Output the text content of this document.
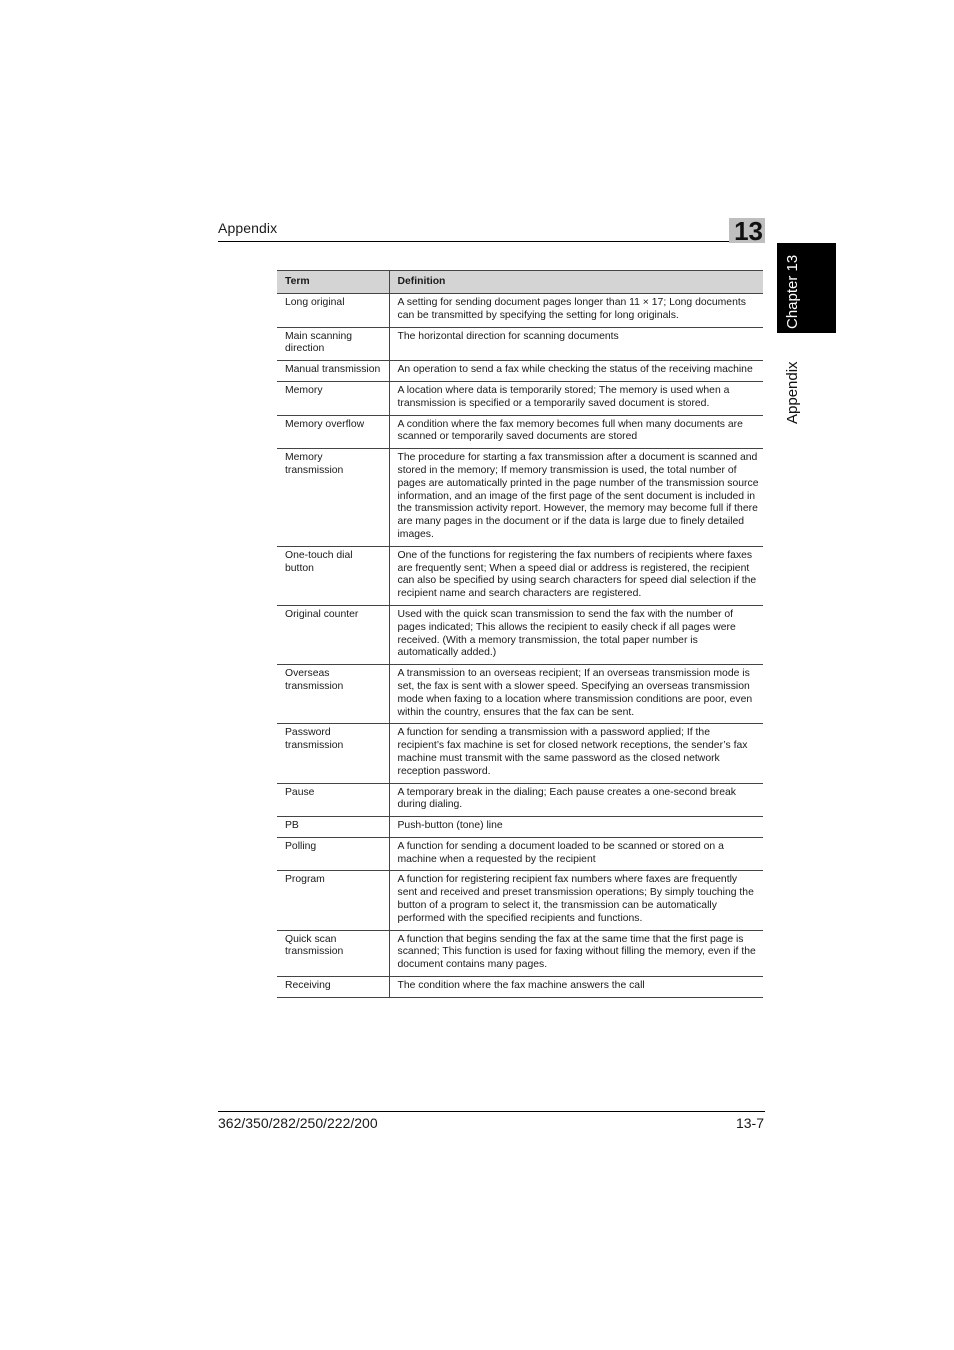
Appendix	13
Chapter 13
Appendix
Term	Definition
Long original	A setting for sending document pages longer than 11 × 17; Long documents can be transmitted by specifying the setting for long originals.
Main scanning direction	The horizontal direction for scanning documents
Manual transmission	An operation to send a fax while checking the status of the receiving machine
Memory	A location where data is temporarily stored; The memory is used when a transmission is specified or a temporarily saved document is stored.
Memory overflow	A condition where the fax memory becomes full when many documents are scanned or temporarily saved documents are stored
Memory transmission	The procedure for starting a fax transmission after a document is scanned and stored in the memory; If memory transmission is used, the total number of pages are automatically printed in the page number of the transmission source information, and an image of the first page of the sent document is included in the transmission activity report. However, the memory may become full if there are many pages in the document or if the data is large due to finely detailed images.
One-touch dial button	One of the functions for registering the fax numbers of recipients where faxes are frequently sent; When a speed dial or address is registered, the recipient can also be specified by using search characters for speed dial selection if the recipient name and search characters are registered.
Original counter	Used with the quick scan transmission to send the fax with the number of pages indicated; This allows the recipient to easily check if all pages were received. (With a memory transmission, the total paper number is automatically added.)
Overseas transmission	A transmission to an overseas recipient; If an overseas transmission mode is set, the fax is sent with a slower speed. Specifying an overseas transmission mode when faxing to a location where transmission conditions are poor, even within the country, ensures that the fax can be sent.
Password transmission	A function for sending a transmission with a password applied; If the recipient’s fax machine is set for closed network receptions, the sender’s fax machine must transmit with the same password as the closed network reception password.
Pause	A temporary break in the dialing; Each pause creates a one-second break during dialing.
PB	Push-button (tone) line
Polling	A function for sending a document loaded to be scanned or stored on a machine when a requested by the recipient
Program	A function for registering recipient fax numbers where faxes are frequently sent and received and preset transmission operations; By simply touching the button of a program to select it, the transmission can be automatically performed with the specified recipients and functions.
Quick scan transmission	A function that begins sending the fax at the same time that the first page is scanned; This function is used for faxing without filling the memory, even if the document contains many pages.
Receiving	The condition where the fax machine answers the call
362/350/282/250/222/200	13-7
